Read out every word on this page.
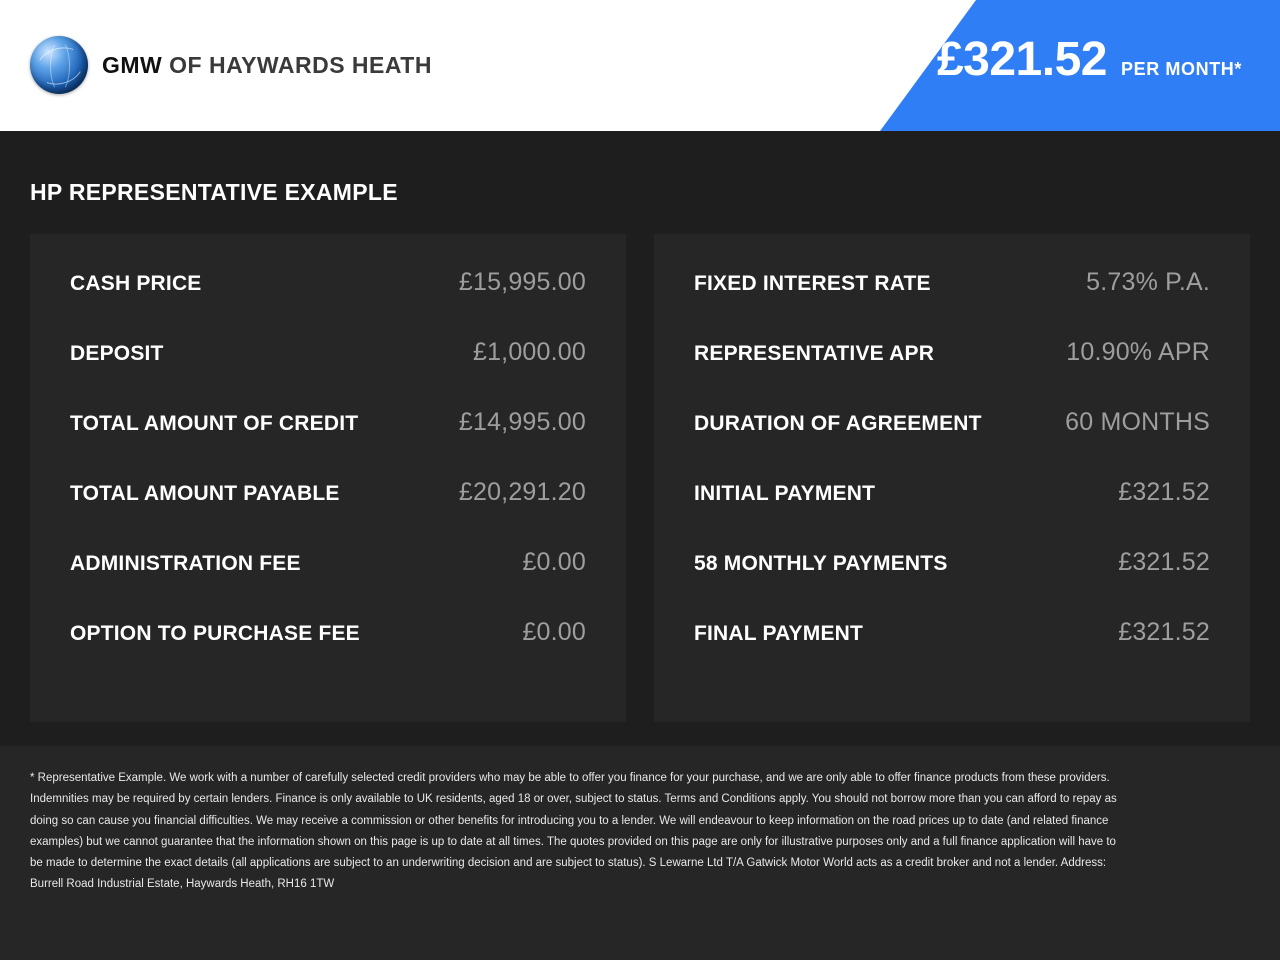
GMW OF HAYWARDS HEATH	£321.52 PER MONTH*
HP REPRESENTATIVE EXAMPLE
CASH PRICE	£15,995.00
DEPOSIT	£1,000.00
TOTAL AMOUNT OF CREDIT	£14,995.00
TOTAL AMOUNT PAYABLE	£20,291.20
ADMINISTRATION FEE	£0.00
OPTION TO PURCHASE FEE	£0.00
FIXED INTEREST RATE	5.73% P.A.
REPRESENTATIVE APR	10.90% APR
DURATION OF AGREEMENT	60 MONTHS
INITIAL PAYMENT	£321.52
58 MONTHLY PAYMENTS	£321.52
FINAL PAYMENT	£321.52

* Representative Example. We work with a number of carefully selected credit providers who may be able to offer you finance for your purchase, and we are only able to offer finance products from these providers. Indemnities may be required by certain lenders. Finance is only available to UK residents, aged 18 or over, subject to status. Terms and Conditions apply. You should not borrow more than you can afford to repay as doing so can cause you financial difficulties. We may receive a commission or other benefits for introducing you to a lender. We will endeavour to keep information on the road prices up to date (and related finance examples) but we cannot guarantee that the information shown on this page is up to date at all times. The quotes provided on this page are only for illustrative purposes only and a full finance application will have to be made to determine the exact details (all applications are subject to an underwriting decision and are subject to status). S Lewarne Ltd T/A Gatwick Motor World acts as a credit broker and not a lender. Address: Burrell Road Industrial Estate, Haywards Heath, RH16 1TW
